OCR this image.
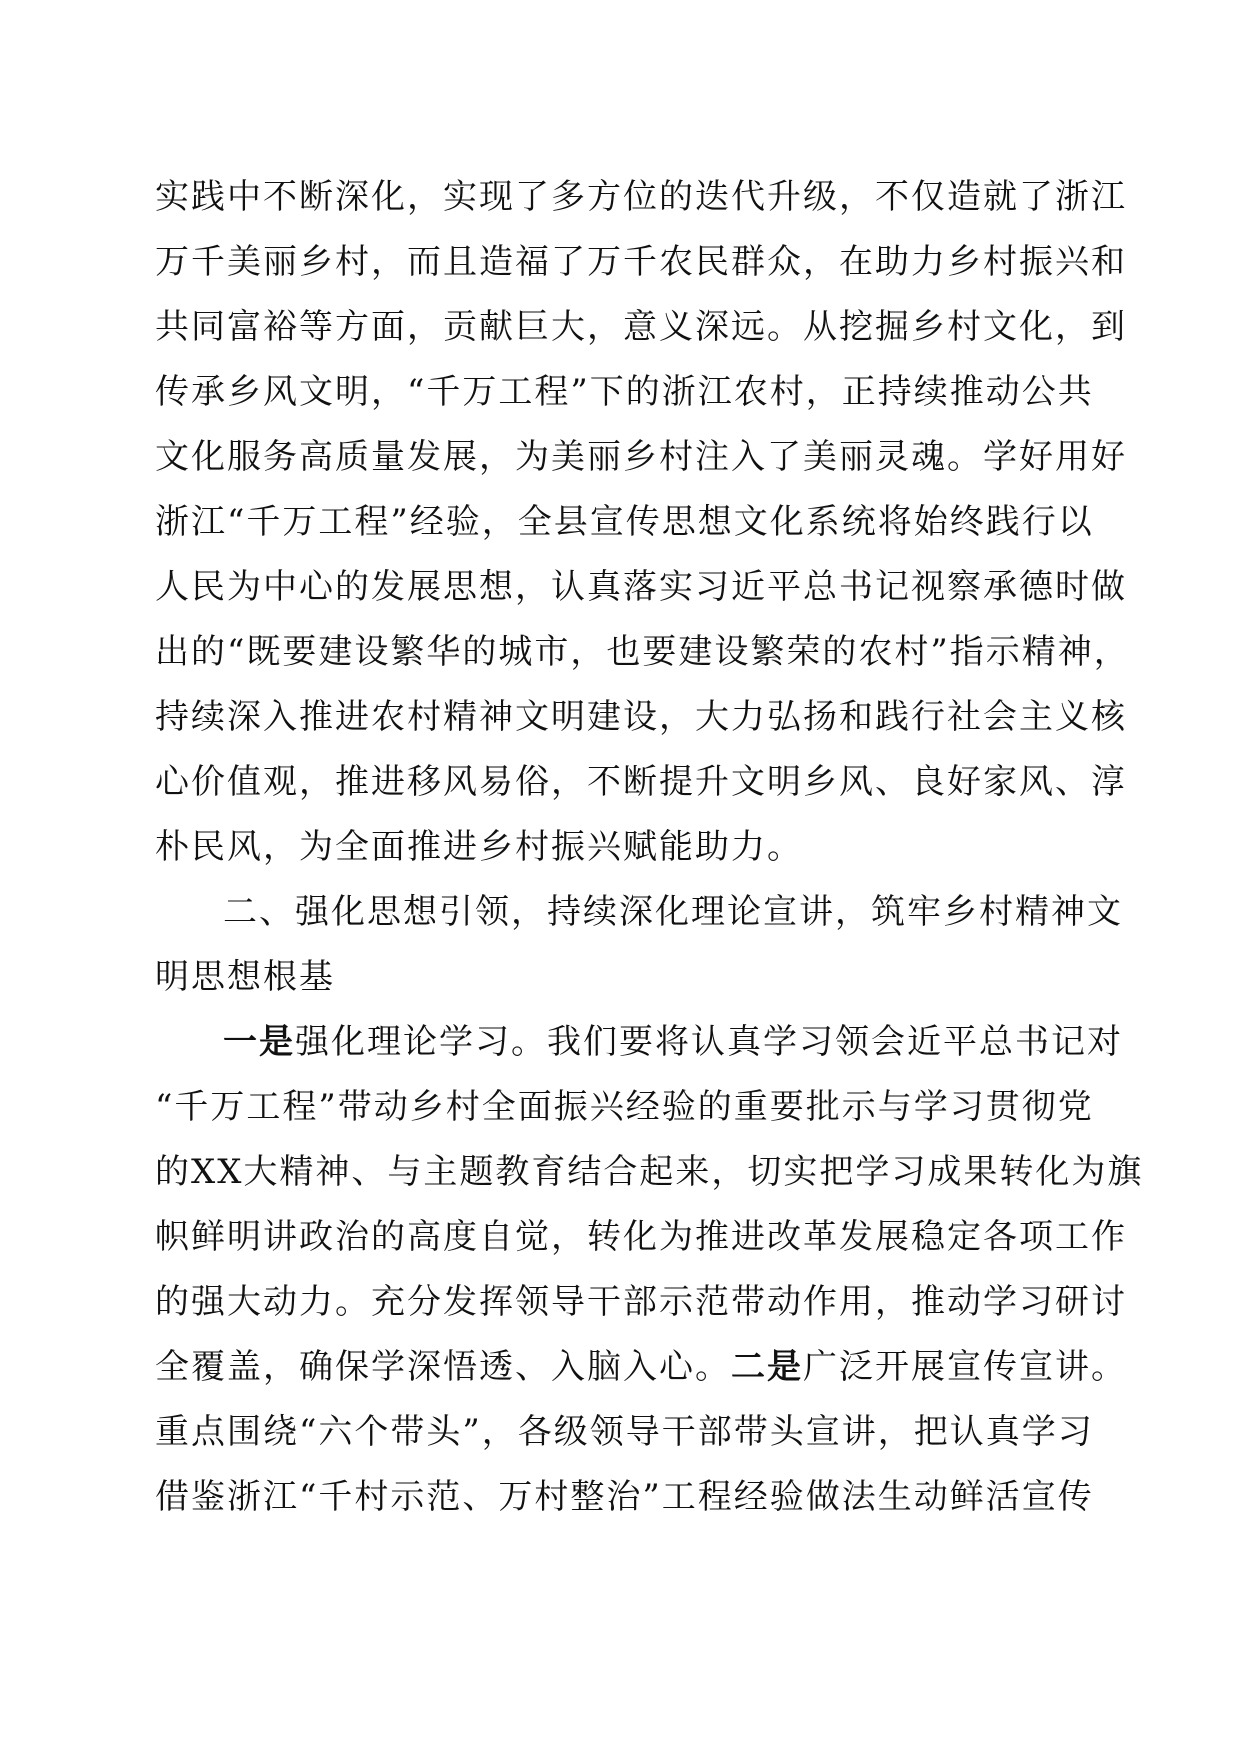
实践中不断深化，实现了多方位的迭代升级，不仅造就了浙江
万千美丽乡村，而且造福了万千农民群众，在助力乡村振兴和
共同富裕等方面，贡献巨大，意义深远。从挖掘乡村文化，到
传承乡风文明，“千万工程”下的浙江农村，正持续推动公共
文化服务高质量发展，为美丽乡村注入了美丽灵魂。学好用好
浙江“千万工程”经验，全县宣传思想文化系统将始终践行以
人民为中心的发展思想，认真落实习近平总书记视察承德时做
出的“既要建设繁华的城市，也要建设繁荣的农村”指示精神，
持续深入推进农村精神文明建设，大力弘扬和践行社会主义核
心价值观，推进移风易俗，不断提升文明乡风、良好家风、淳
朴民风，为全面推进乡村振兴赋能助力。
二、强化思想引领，持续深化理论宣讲，筑牢乡村精神文
明思想根基
一是强化理论学习。我们要将认真学习领会近平总书记对
“千万工程”带动乡村全面振兴经验的重要批示与学习贯彻党
的XX大精神、与主题教育结合起来，切实把学习成果转化为旗
帜鲜明讲政治的高度自觉，转化为推进改革发展稳定各项工作
的强大动力。充分发挥领导干部示范带动作用，推动学习研讨
全覆盖，确保学深悟透、入脑入心。二是广泛开展宣传宣讲。
重点围绕“六个带头”，各级领导干部带头宣讲，把认真学习
借鉴浙江“千村示范、万村整治”工程经验做法生动鲜活宣传
